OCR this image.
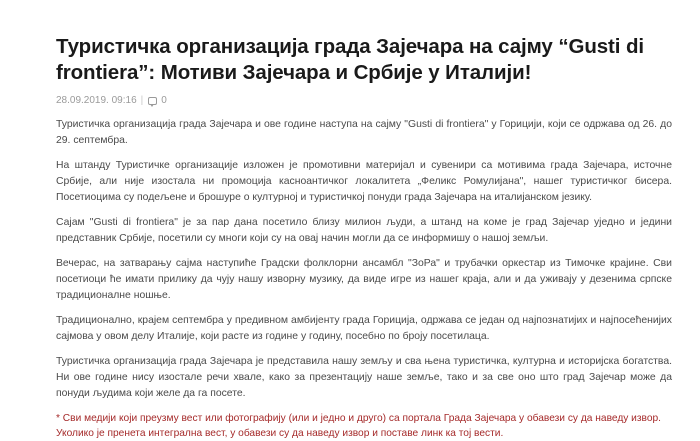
Туристичка организација града Зајечара на сајму “Gusti di frontiera”: Мотиви Зајечара и Србије у Италији!
28.09.2019. 09:16 | 0

Туристичка организација града Зајечара и ове године наступа на сајму "Gusti di frontiera" у Горицији, који се одржава од 26. до 29. септембра.

На штанду Туристичке организације изложен је промотивни материјал и сувенири са мотивима града Зајечара, источне Србије, али није изостала ни промоција касноантичког локалитета „Феликс Ромулијана", нашег туристичког бисера. Посетиоцима су подељене и брошуре о културној и туристичкој понуди града Зајечара на италијанском језику.

Сајам "Gusti di frontiera" је за пар дана посетило близу милион људи, а штанд на коме је град Зајечар уједно и једини представник Србије, посетили су многи који су на овај начин могли да се информишу о нашој земљи.

Вечерас, на затварању сајма наступиће Градски фолклорни ансамбл "ЗоРа" и трубачки оркестар из Тимочке крајине. Сви посетиоци ће имати прилику да чују нашу изворну музику, да виде игре из нашег краја, али и да уживају у дезенима српске традиционалне ношње.

Традиционално, крајем септембра у предивном амбијенту града Горицијa, одржава се један од најпознатијих и најпосећенијих сајмова у овом делу Италије, који расте из године у годину, посебно по броју посетилаца.

Туристичка организација града Зајечара је представила нашу земљу и сва њена туристичка, културна и историјска богатства. Ни ове године нису изостале речи хвале, како за презентацију наше земље, тако и за све оно што град Зајечар може да понуди људима који желе да га посете.

* Сви медији који преузму вест или фотографију (или и једно и друго) са портала Града Зајечара у обавези су да наведу извор. Уколико је пренета интегрална вест, у обавези су да наведу извор и поставе линк ка тој вести.
